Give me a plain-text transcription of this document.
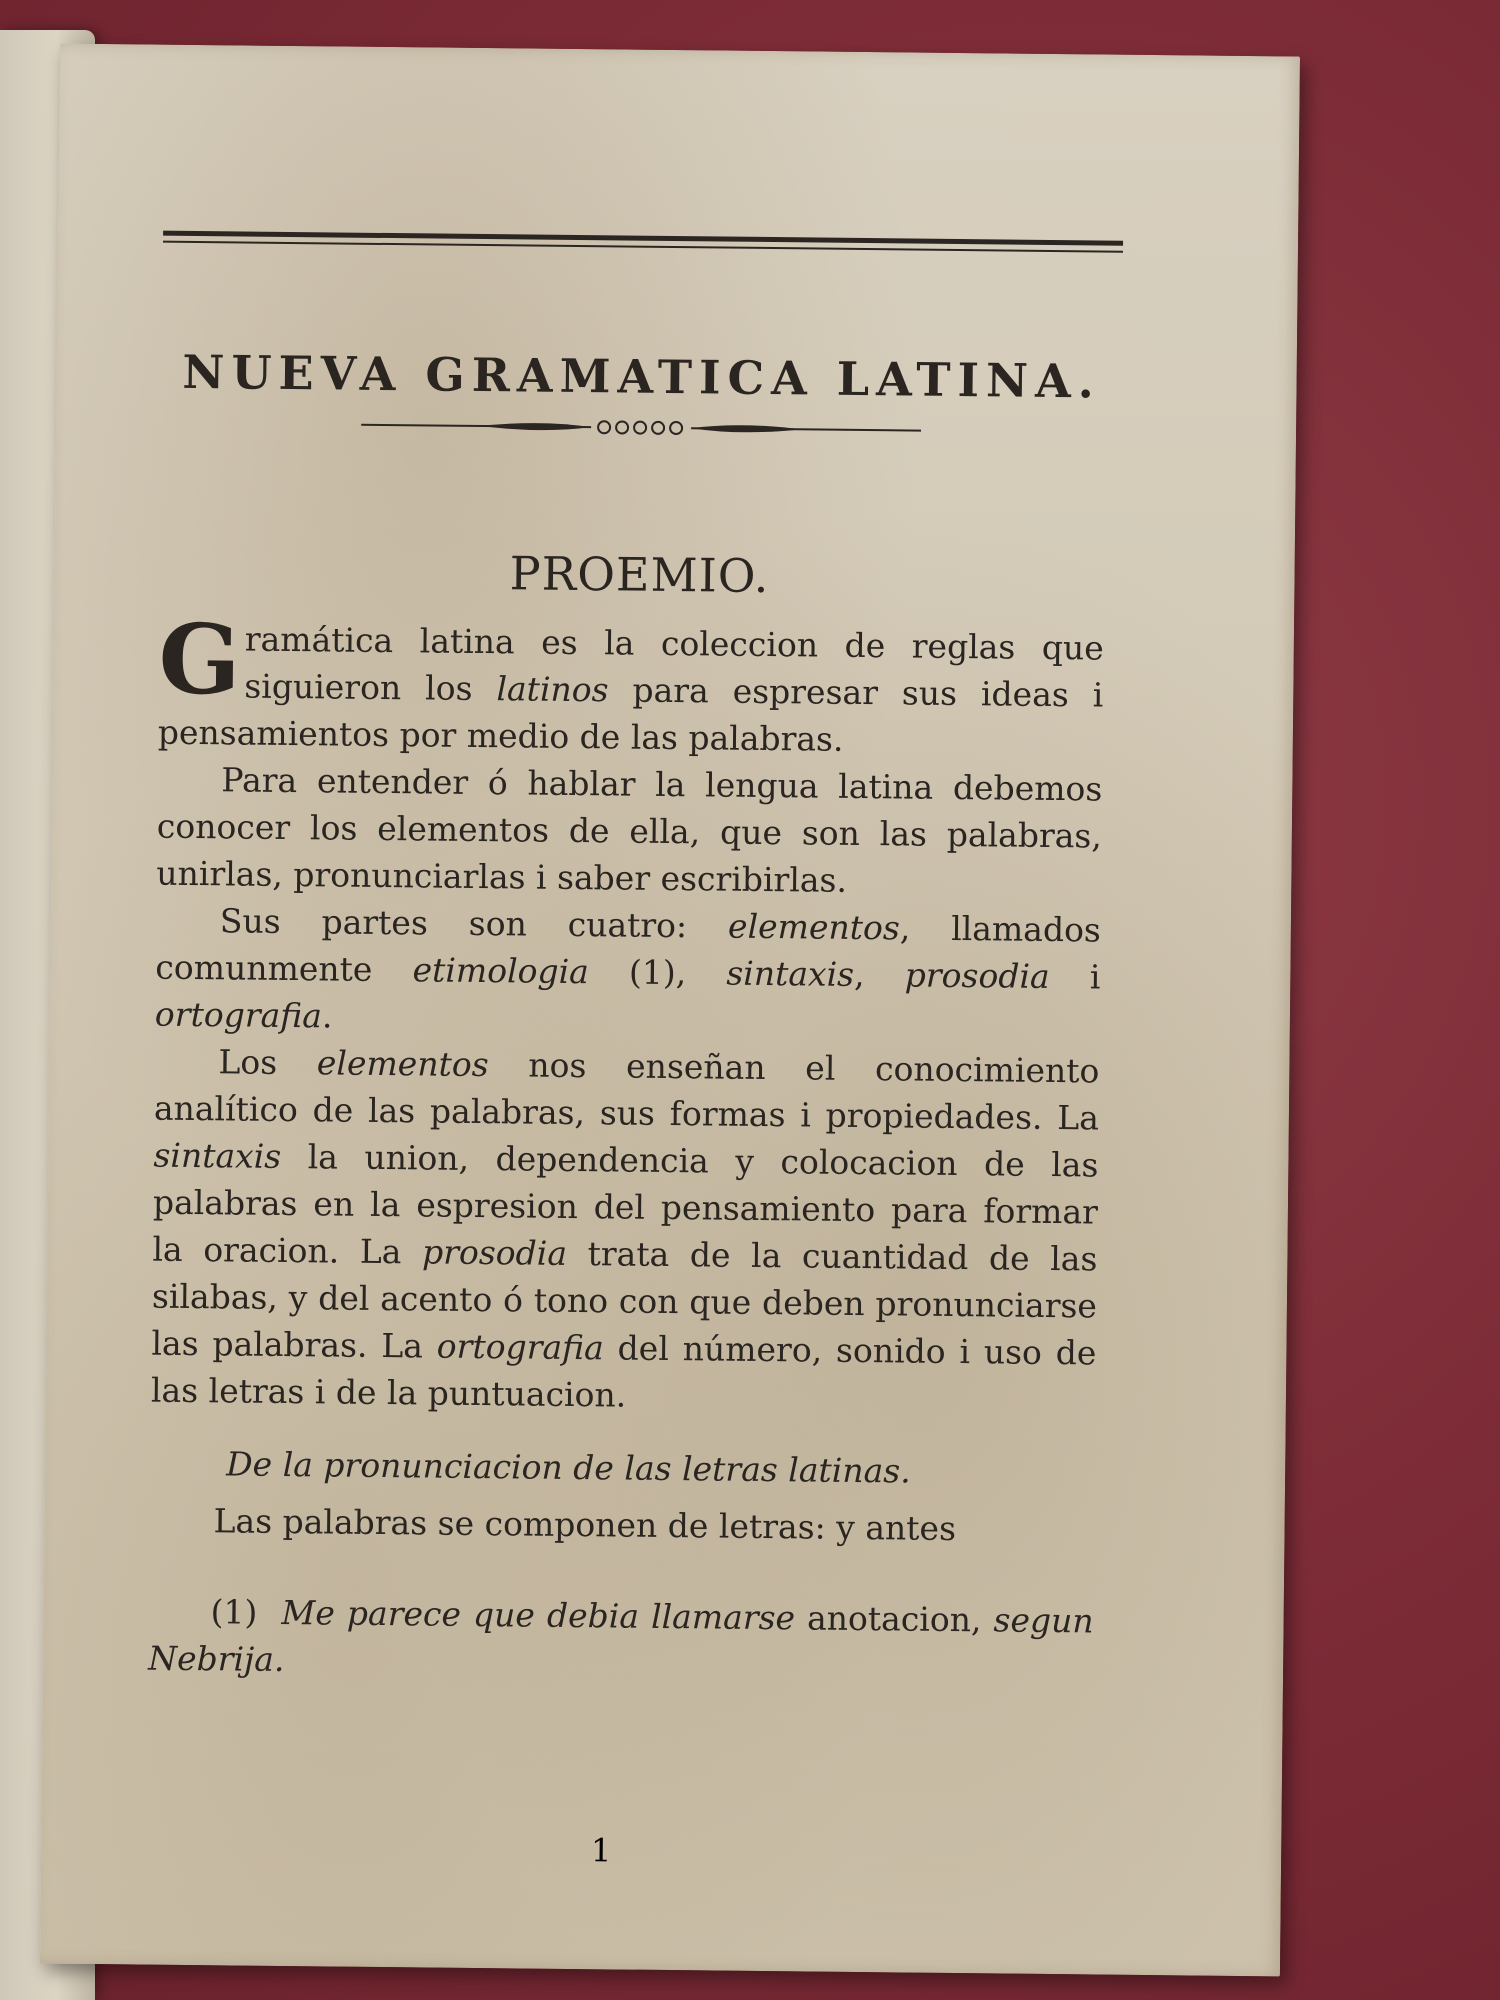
NUEVA GRAMATICA LATINA.
PROEMIO.

Gramática latina es la coleccion de reglas que siguieron los latinos para espresar sus ideas i pensamientos por medio de las palabras.

Para entender ó hablar la lengua latina debemos conocer los elementos de ella, que son las palabras, unirlas, pronunciarlas i saber escribirlas.

Sus partes son cuatro: elementos, llamados comunmente etimologia (1), sintaxis, prosodia i ortografia.

Los elementos nos enseñan el conocimiento analítico de las palabras, sus formas i propiedades. La sintaxis la union, dependencia y colocacion de las palabras en la espresion del pensamiento para formar la oracion. La prosodia trata de la cuantidad de las silabas, y del acento ó tono con que deben pronunciarse las palabras. La ortografia del número, sonido i uso de las letras i de la puntuacion.

De la pronunciacion de las letras latinas.

Las palabras se componen de letras: y antes

(1) Me parece que debia llamarse anotacion, segun Nebrija.

1
